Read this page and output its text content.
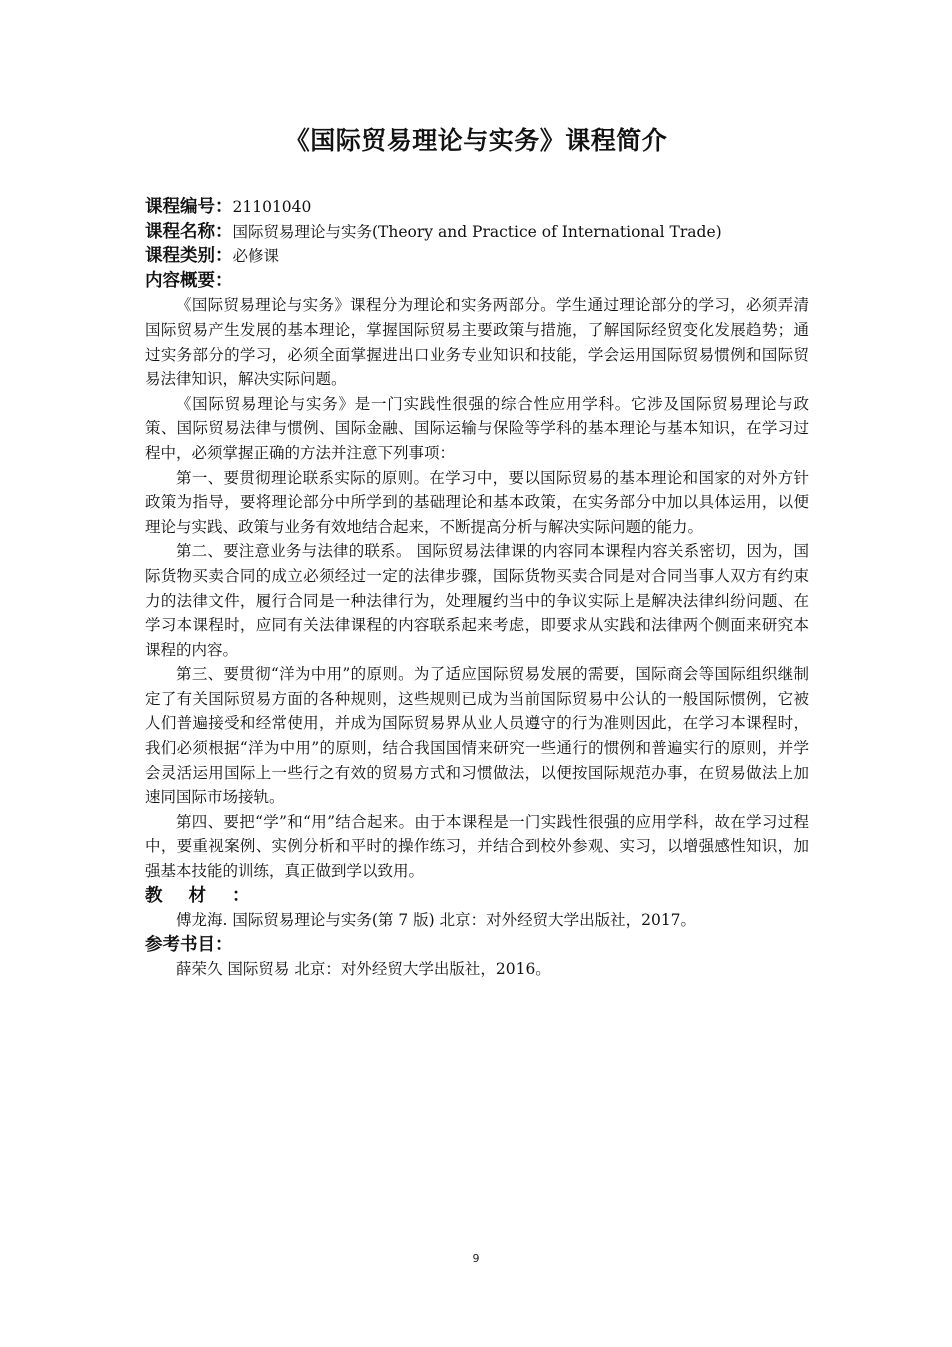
《国际贸易理论与实务》课程简介

课程编号：21101040

课程名称：国际贸易理论与实务(Theory and Practice of International Trade)

课程类别：必修课

内容概要：

《国际贸易理论与实务》课程分为理论和实务两部分。学生通过理论部分的学习，必须弄清国际贸易产生发展的基本理论，掌握国际贸易主要政策与措施，了解国际经贸变化发展趋势；通过实务部分的学习，必须全面掌握进出口业务专业知识和技能，学会运用国际贸易惯例和国际贸易法律知识，解决实际问题。

《国际贸易理论与实务》是一门实践性很强的综合性应用学科。它涉及国际贸易理论与政策、国际贸易法律与惯例、国际金融、国际运输与保险等学科的基本理论与基本知识，在学习过程中，必须掌握正确的方法并注意下列事项：

第一、要贯彻理论联系实际的原则。在学习中，要以国际贸易的基本理论和国家的对外方针政策为指导，要将理论部分中所学到的基础理论和基本政策，在实务部分中加以具体运用，以便理论与实践、政策与业务有效地结合起来，不断提高分析与解决实际问题的能力。

第二、要注意业务与法律的联系。 国际贸易法律课的内容同本课程内容关系密切，因为，国际货物买卖合同的成立必须经过一定的法律步骤，国际货物买卖合同是对合同当事人双方有约束力的法律文件，履行合同是一种法律行为，处理履约当中的争议实际上是解决法律纠纷问题、在学习本课程时，应同有关法律课程的内容联系起来考虑，即要求从实践和法律两个侧面来研究本课程的内容。

第三、要贯彻“洋为中用”的原则。为了适应国际贸易发展的需要，国际商会等国际组织继制定了有关国际贸易方面的各种规则，这些规则已成为当前国际贸易中公认的一般国际惯例，它被人们普遍接受和经常使用，并成为国际贸易界从业人员遵守的行为准则因此，在学习本课程时，我们必须根据“洋为中用”的原则，结合我国国情来研究一些通行的惯例和普遍实行的原则，并学会灵活运用国际上一些行之有效的贸易方式和习惯做法，以便按国际规范办事，在贸易做法上加速同国际市场接轨。

第四、要把“学”和“用”结合起来。由于本课程是一门实践性很强的应用学科，故在学习过程中，要重视案例、实例分析和平时的操作练习，并结合到校外参观、实习，以增强感性知识，加强基本技能的训练，真正做到学以致用。

教材：

傅龙海. 国际贸易理论与实务(第 7 版) 北京：对外经贸大学出版社，2017。

参考书目：

薛荣久 国际贸易 北京：对外经贸大学出版社，2016。

9
